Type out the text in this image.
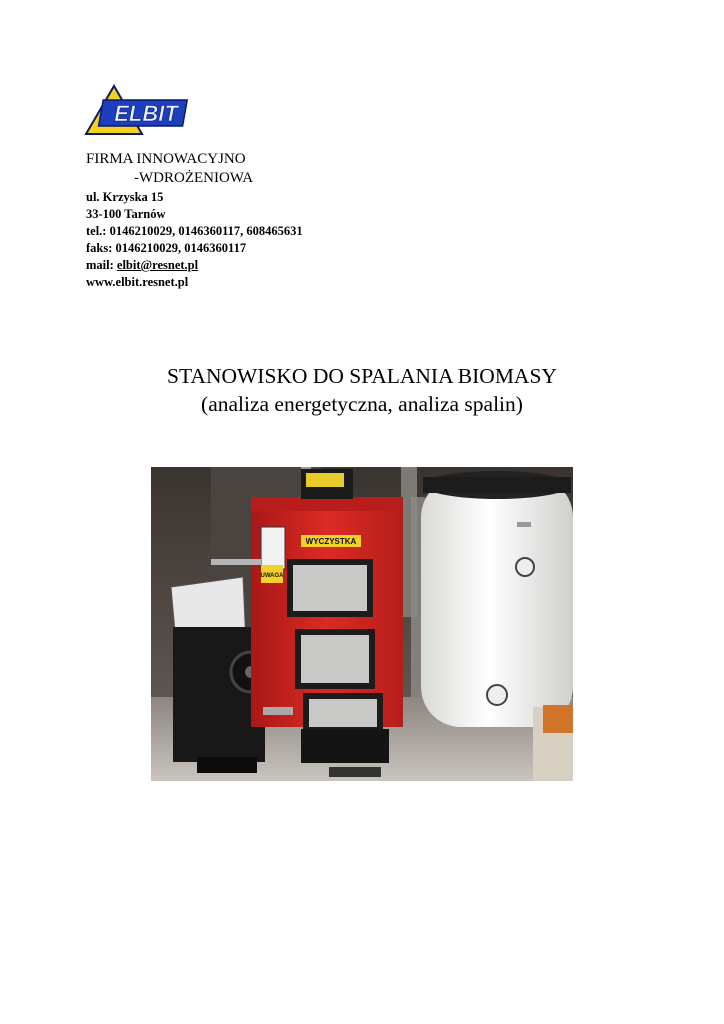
ELBIT
FIRMA INNOWACYJNO
-WDROŻENIOWA
ul. Krzyska 15
33-100 Tarnów
tel.: 0146210029, 0146360117, 608465631
faks: 0146210029, 0146360117
mail: elbit@resnet.pl
www.elbit.resnet.pl
STANOWISKO DO SPALANIA BIOMASY
(analiza energetyczna, analiza spalin)
WYCZYSTKA
UWAGA
